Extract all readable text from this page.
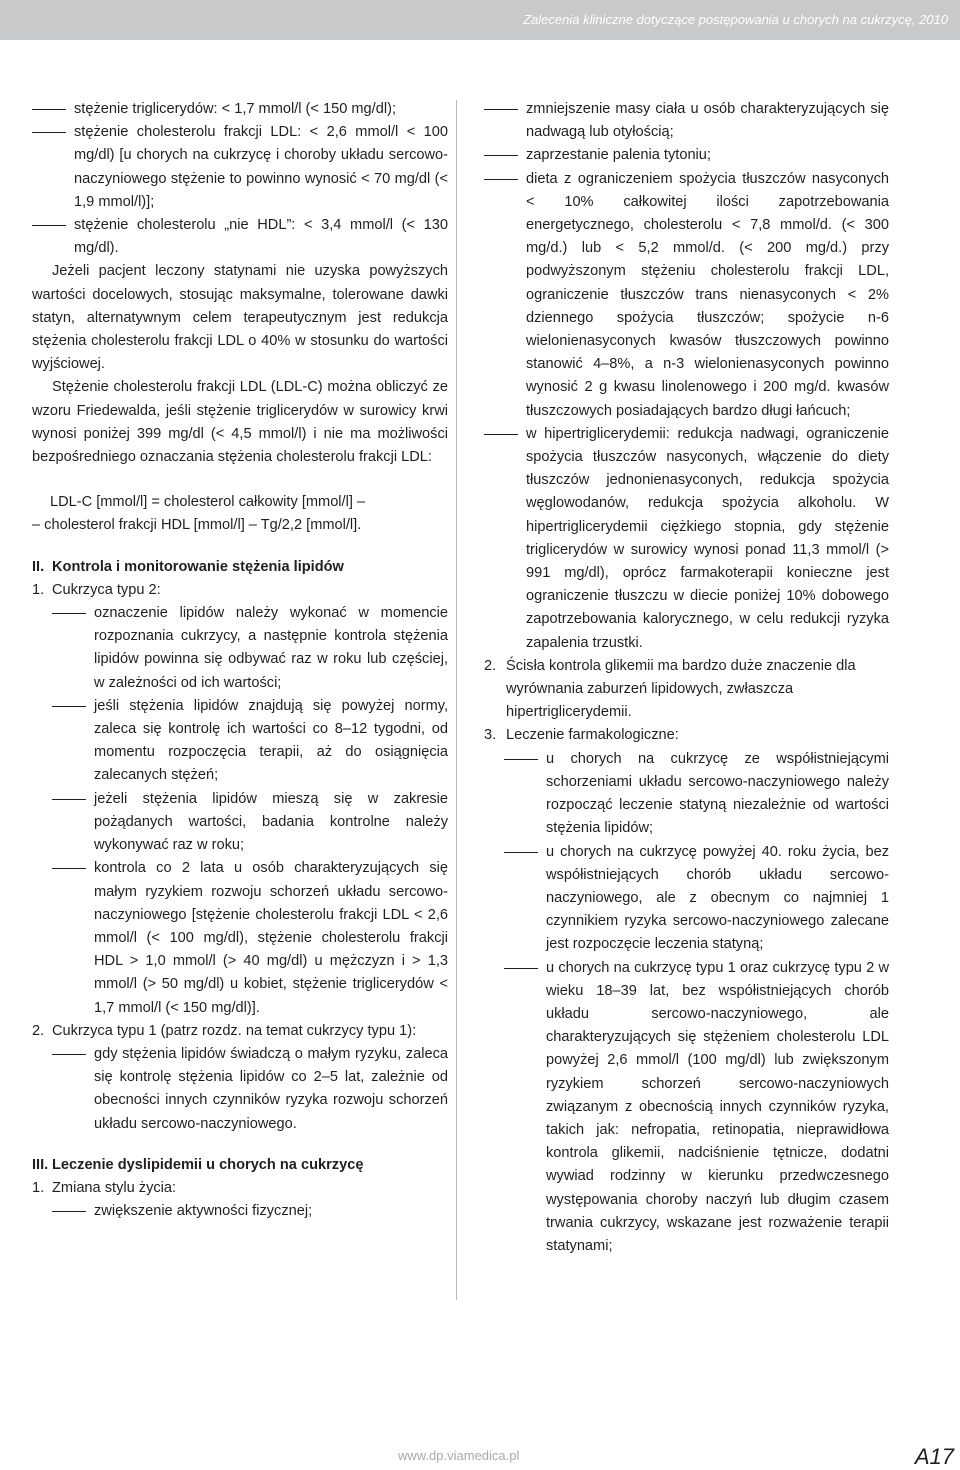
Zalecenia kliniczne dotyczące postępowania u chorych na cukrzycę, 2010

stężenie triglicerydów: < 1,7 mmol/l (< 150 mg/dl);

stężenie cholesterolu frakcji LDL: < 2,6 mmol/l < 100 mg/dl) [u chorych na cukrzycę i choroby układu sercowo-naczyniowego stężenie to powinno wynosić < 70 mg/dl (< 1,9 mmol/l)];

stężenie cholesterolu „nie HDL”: < 3,4 mmol/l (< 130 mg/dl).

Jeżeli pacjent leczony statynami nie uzyska powyższych wartości docelowych, stosując maksymalne, tolerowane dawki statyn, alternatywnym celem terapeutycznym jest redukcja stężenia cholesterolu frakcji LDL o 40% w stosunku do wartości wyjściowej.

Stężenie cholesterolu frakcji LDL (LDL-C) można obliczyć ze wzoru Friedewalda, jeśli stężenie triglicerydów w surowicy krwi wynosi poniżej 399 mg/dl (< 4,5 mmol/l) i nie ma możliwości bezpośredniego oznaczania stężenia cholesterolu frakcji LDL:

LDL-C [mmol/l] = cholesterol całkowity [mmol/l] –

– cholesterol frakcji HDL [mmol/l] – Tg/2,2 [mmol/l].

II. Kontrola i monitorowanie stężenia lipidów

1. Cukrzyca typu 2:

oznaczenie lipidów należy wykonać w momencie rozpoznania cukrzycy, a następnie kontrola stężenia lipidów powinna się odbywać raz w roku lub częściej, w zależności od ich wartości;

jeśli stężenia lipidów znajdują się powyżej normy, zaleca się kontrolę ich wartości co 8–12 tygodni, od momentu rozpoczęcia terapii, aż do osiągnięcia zalecanych stężeń;

jeżeli stężenia lipidów mieszą się w zakresie pożądanych wartości, badania kontrolne należy wykonywać raz w roku;

kontrola co 2 lata u osób charakteryzujących się małym ryzykiem rozwoju schorzeń układu sercowo-naczyniowego [stężenie cholesterolu frakcji LDL < 2,6 mmol/l (< 100 mg/dl), stężenie cholesterolu frakcji HDL > 1,0 mmol/l (> 40 mg/dl) u mężczyzn i > 1,3 mmol/l (> 50 mg/dl) u kobiet, stężenie triglicerydów < 1,7 mmol/l (< 150 mg/dl)].

2. Cukrzyca typu 1 (patrz rozdz. na temat cukrzycy typu 1):

gdy stężenia lipidów świadczą o małym ryzyku, zaleca się kontrolę stężenia lipidów co 2–5 lat, zależnie od obecności innych czynników ryzyka rozwoju schorzeń układu sercowo-naczyniowego.

III. Leczenie dyslipidemii u chorych na cukrzycę

1. Zmiana stylu życia:

zwiększenie aktywności fizycznej;

zmniejszenie masy ciała u osób charakteryzujących się nadwagą lub otyłością;

zaprzestanie palenia tytoniu;

dieta z ograniczeniem spożycia tłuszczów nasyconych < 10% całkowitej ilości zapotrzebowania energetycznego, cholesterolu < 7,8 mmol/d. (< 300 mg/d.) lub < 5,2 mmol/d. (< 200 mg/d.) przy podwyższonym stężeniu cholesterolu frakcji LDL, ograniczenie tłuszczów trans nienasyconych < 2% dziennego spożycia tłuszczów; spożycie n-6 wielonienasyconych kwasów tłuszczowych powinno stanowić 4–8%, a n-3 wielonienasyconych powinno wynosić 2 g kwasu linolenowego i 200 mg/d. kwasów tłuszczowych posiadających bardzo długi łańcuch;

w hipertriglicerydemii: redukcja nadwagi, ograniczenie spożycia tłuszczów nasyconych, włączenie do diety tłuszczów jednonienasyconych, redukcja spożycia węglowodanów, redukcja spożycia alkoholu. W hipertriglicerydemii ciężkiego stopnia, gdy stężenie triglicerydów w surowicy wynosi ponad 11,3 mmol/l (> 991 mg/dl), oprócz farmakoterapii konieczne jest ograniczenie tłuszczu w diecie poniżej 10% dobowego zapotrzebowania kalorycznego, w celu redukcji ryzyka zapalenia trzustki.

2. Ścisła kontrola glikemii ma bardzo duże znaczenie dla wyrównania zaburzeń lipidowych, zwłaszcza hipertriglicerydemii.

3. Leczenie farmakologiczne:

u chorych na cukrzycę ze współistniejącymi schorzeniami układu sercowo-naczyniowego należy rozpocząć leczenie statyną niezależnie od wartości stężenia lipidów;

u chorych na cukrzycę powyżej 40. roku życia, bez współistniejących chorób układu sercowo-naczyniowego, ale z obecnym co najmniej 1 czynnikiem ryzyka sercowo-naczyniowego zalecane jest rozpoczęcie leczenia statyną;

u chorych na cukrzycę typu 1 oraz cukrzycę typu 2 w wieku 18–39 lat, bez współistniejących chorób układu sercowo-naczyniowego, ale charakteryzujących się stężeniem cholesterolu LDL powyżej 2,6 mmol/l (100 mg/dl) lub zwiększonym ryzykiem schorzeń sercowo-naczyniowych związanym z obecnością innych czynników ryzyka, takich jak: nefropatia, retinopatia, nieprawidłowa kontrola glikemii, nadciśnienie tętnicze, dodatni wywiad rodzinny w kierunku przedwczesnego występowania choroby naczyń lub długim czasem trwania cukrzycy, wskazane jest rozważenie terapii statynami;

www.dp.viamedica.pl	A17
